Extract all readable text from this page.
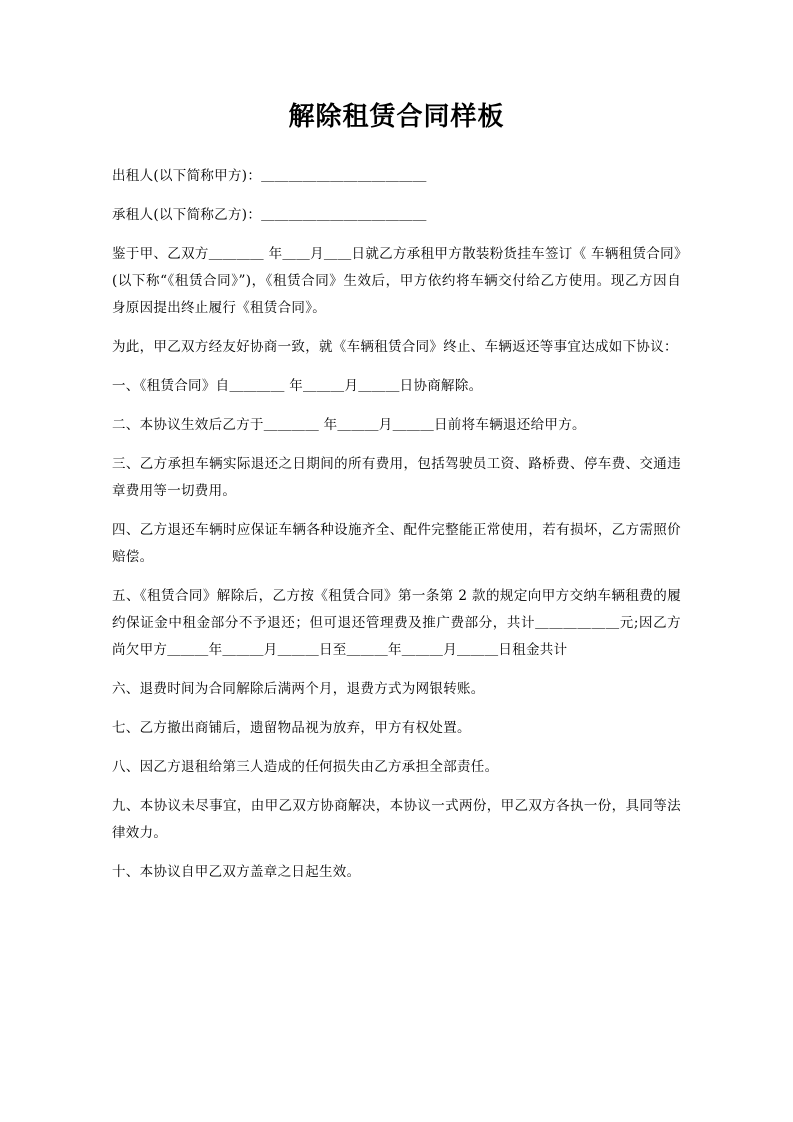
解除租赁合同样板

出租人(以下简称甲方)：＿＿＿＿＿＿＿＿＿＿＿＿

承租人(以下简称乙方)：＿＿＿＿＿＿＿＿＿＿＿＿

鉴于甲、乙双方＿＿＿＿ 年＿＿月＿＿日就乙方承租甲方散装粉货挂车签订《 车辆租赁合同》(以下称“《租赁合同》”)，《租赁合同》生效后，甲方依约将车辆交付给乙方使用。现乙方因自身原因提出终止履行《租赁合同》。

为此，甲乙双方经友好协商一致，就《车辆租赁合同》终止、车辆返还等事宜达成如下协议：

一、《租赁合同》自＿＿＿＿ 年＿＿＿月＿＿＿日协商解除。

二、本协议生效后乙方于＿＿＿＿ 年＿＿＿月＿＿＿日前将车辆退还给甲方。

三、乙方承担车辆实际退还之日期间的所有费用，包括驾驶员工资、路桥费、停车费、交通违章费用等一切费用。

四、乙方退还车辆时应保证车辆各种设施齐全、配件完整能正常使用，若有损坏，乙方需照价赔偿。

五、《租赁合同》解除后，乙方按《租赁合同》第一条第 2 款的规定向甲方交纳车辆租费的履约保证金中租金部分不予退还；但可退还管理费及推广费部分，共计＿＿＿＿＿＿元;因乙方尚欠甲方＿＿＿年＿＿＿月＿＿＿日至＿＿＿年＿＿＿月＿＿＿日租金共计

六、退费时间为合同解除后满两个月，退费方式为网银转账。

七、乙方撤出商铺后，遗留物品视为放弃，甲方有权处置。

八、因乙方退租给第三人造成的任何损失由乙方承担全部责任。

九、本协议未尽事宜，由甲乙双方协商解决，本协议一式两份，甲乙双方各执一份，具同等法律效力。

十、本协议自甲乙双方盖章之日起生效。
